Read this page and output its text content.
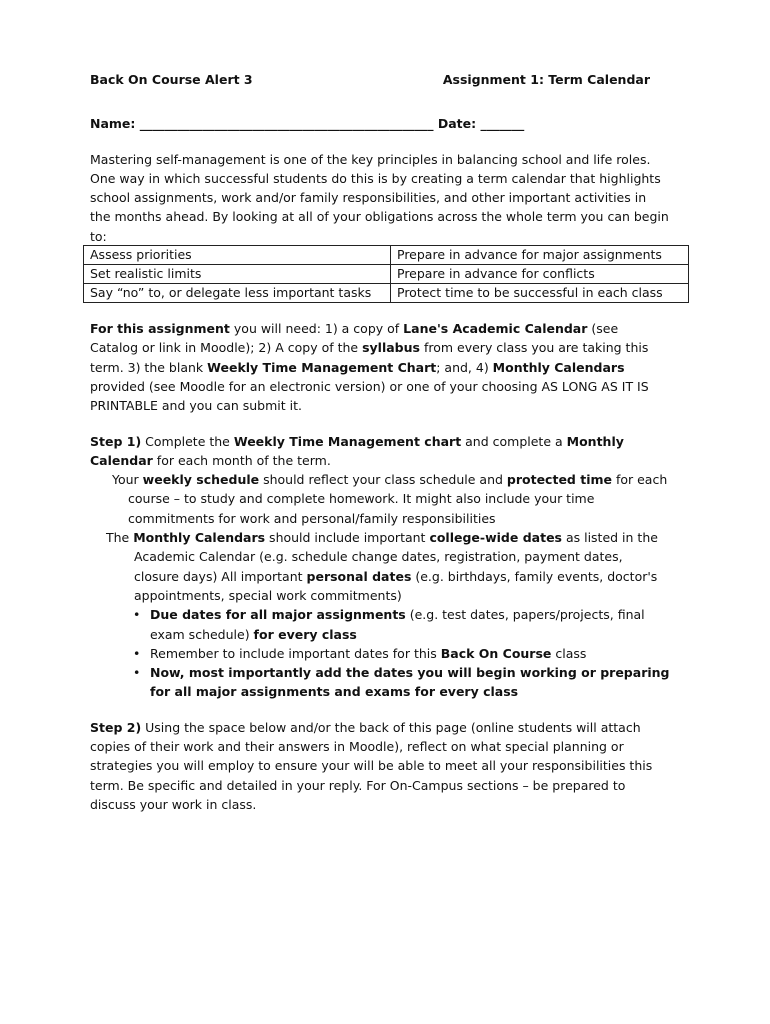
Back On Course Alert 3	Assignment 1: Term Calendar
Name: _______________________________________________ Date: _______

Mastering self-management is one of the key principles in balancing school and life roles. One way in which successful students do this is by creating a term calendar that highlights school assignments, work and/or family responsibilities, and other important activities in the months ahead. By looking at all of your obligations across the whole term you can begin to:

Assess priorities	Prepare in advance for major assignments
Set realistic limits	Prepare in advance for conflicts
Say “no” to, or delegate less important tasks	Protect time to be successful in each class

For this assignment you will need: 1) a copy of Lane's Academic Calendar (see Catalog or link in Moodle); 2) A copy of the syllabus from every class you are taking this term. 3) the blank Weekly Time Management Chart; and, 4) Monthly Calendars provided (see Moodle for an electronic version) or one of your choosing AS LONG AS IT IS PRINTABLE and you can submit it.

Step 1) Complete the Weekly Time Management chart and complete a Monthly Calendar for each month of the term.

Your weekly schedule should reflect your class schedule and protected time for each course – to study and complete homework. It might also include your time commitments for work and personal/family responsibilities

The Monthly Calendars should include important college-wide dates as listed in the Academic Calendar (e.g. schedule change dates, registration, payment dates, closure days) All important personal dates (e.g. birthdays, family events, doctor's appointments, special work commitments)

• Due dates for all major assignments (e.g. test dates, papers/projects, final exam schedule) for every class
• Remember to include important dates for this Back On Course class
• Now, most importantly add the dates you will begin working or preparing for all major assignments and exams for every class

Step 2) Using the space below and/or the back of this page (online students will attach copies of their work and their answers in Moodle), reflect on what special planning or strategies you will employ to ensure your will be able to meet all your responsibilities this term. Be specific and detailed in your reply. For On-Campus sections – be prepared to discuss your work in class.
